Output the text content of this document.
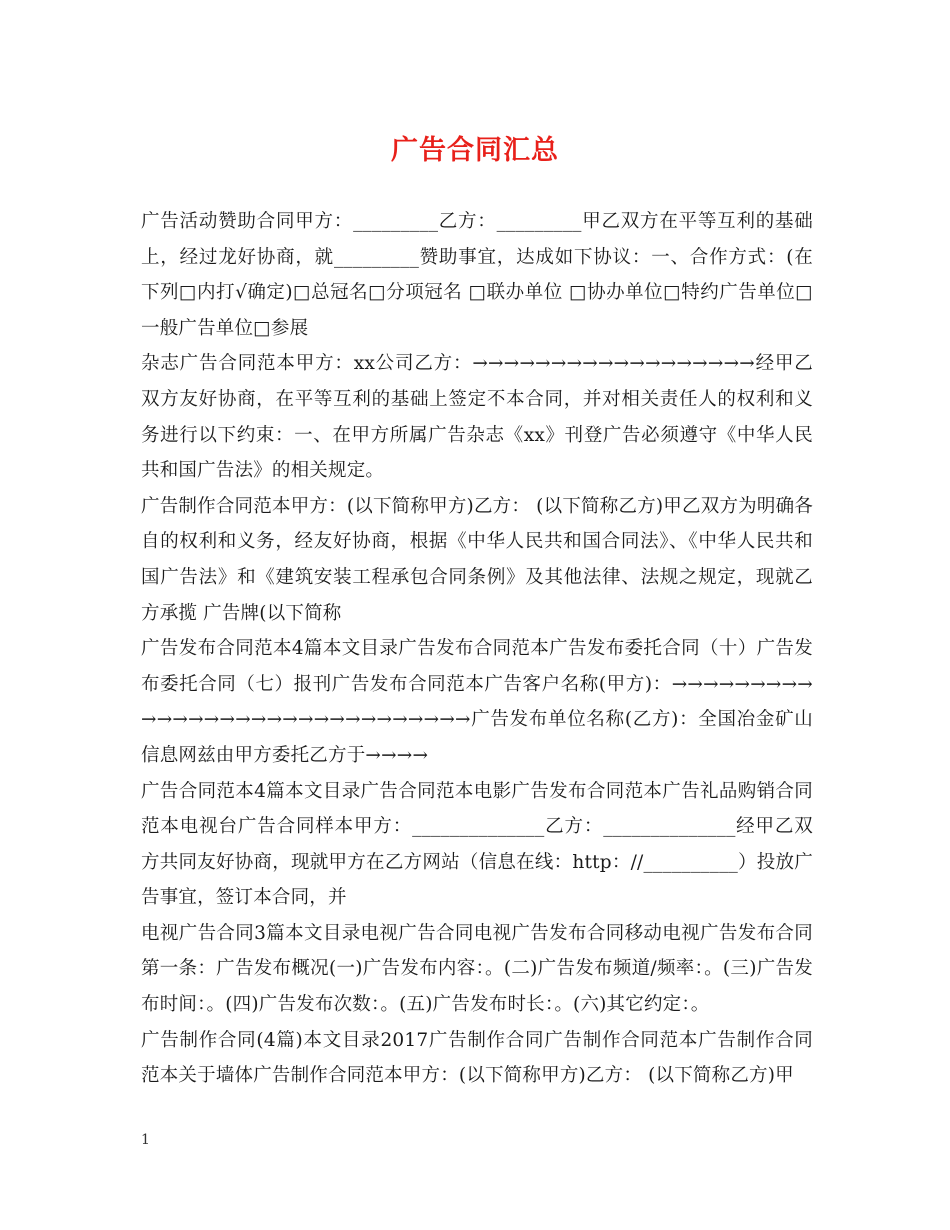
广告合同汇总

广告活动赞助合同甲方：_________乙方：_________甲乙双方在平等互利的基础上，经过龙好协商，就_________赞助事宜，达成如下协议：一、合作方式：(在下列□内打√确定)□总冠名□分项冠名 □联办单位 □协办单位□特约广告单位□一般广告单位□参展

杂志广告合同范本甲方：xx公司乙方：→→→→→→→→→→→→→→→→→→经甲乙双方友好协商，在平等互利的基础上签定不本合同，并对相关责任人的权利和义务进行以下约束：一、在甲方所属广告杂志《xx》刊登广告必须遵守《中华人民共和国广告法》的相关规定。

广告制作合同范本甲方：(以下简称甲方)乙方： (以下简称乙方)甲乙双方为明确各自的权利和义务，经友好协商，根据《中华人民共和国合同法》、《中华人民共和国广告法》和《建筑安装工程承包合同条例》及其他法律、法规之规定，现就乙方承揽 广告牌(以下简称

广告发布合同范本4篇本文目录广告发布合同范本广告发布委托合同（十）广告发布委托合同（七）报刊广告发布合同范本广告客户名称(甲方)：→→→→→→→→→→→→→→→→→→→→→→→→→→→→→→广告发布单位名称(乙方)：全国冶金矿山信息网兹由甲方委托乙方于→→→→

广告合同范本4篇本文目录广告合同范本电影广告发布合同范本广告礼品购销合同范本电视台广告合同样本甲方：______________乙方：______________经甲乙双方共同友好协商，现就甲方在乙方网站（信息在线：http：//__________）投放广告事宜，签订本合同，并

电视广告合同3篇本文目录电视广告合同电视广告发布合同移动电视广告发布合同第一条：广告发布概况(一)广告发布内容：。(二)广告发布频道/频率：。(三)广告发布时间：。(四)广告发布次数：。(五)广告发布时长：。(六)其它约定：。

广告制作合同(4篇)本文目录2017广告制作合同广告制作合同范本广告制作合同范本关于墙体广告制作合同范本甲方：(以下简称甲方)乙方： (以下简称乙方)甲

1
